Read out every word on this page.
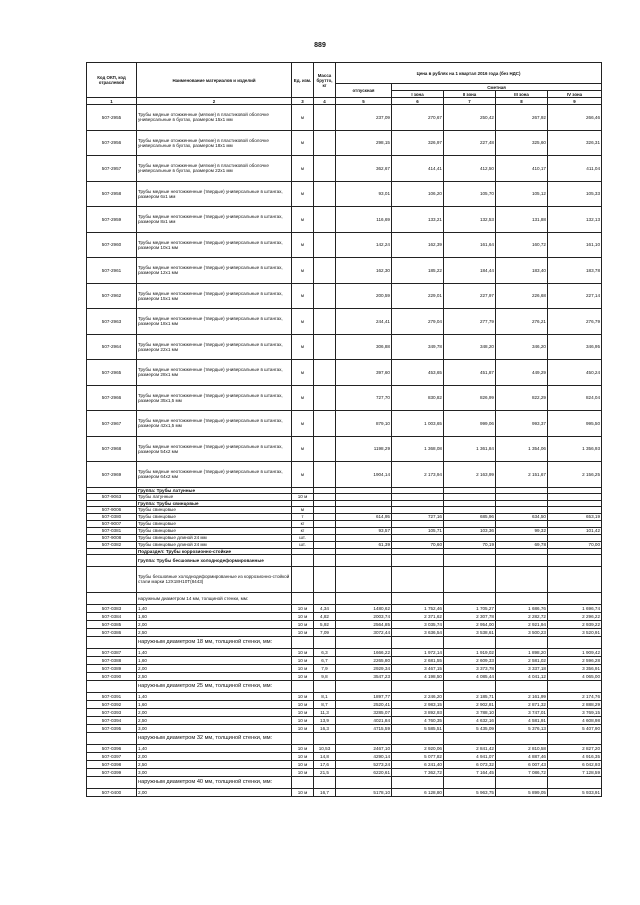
889
Код ОКП, код отраслевой	Наименование материалов и изделий	Ед. изм.	Масса брутто, кг	Цена в рублях на 1 квартал 2016 года (без НДС)				
				отпускная	Сметная			
					I зона	II зона	III зона	IV зона
1	2	3	4	5	6	7	8	9
507-2955	Трубы медные отожженные (мягкие) в пластиковой оболочке универсальные в бухтах, размером 15х1 мм	м		237,09	270,67	250,42	267,92	266,46
507-2956	Трубы медные отожженные (мягкие) в пластиковой оболочке универсальные в бухтах, размером 18х1 мм	м		298,15	326,97	227,48	325,60	326,31
507-2957	Трубы медные отожженные (мягкие) в пластиковой оболочке универсальные в бухтах, размером 22х1 мм	м		362,67	414,41	412,50	410,17	411,04
507-2958	Трубы медные неотожженные (твердые) универсальные в штангах, размером 6х1 мм	м		93,01	106,20	105,70	105,12	105,33
507-2959	Трубы медные неотожженные (твердые) универсальные в штангах, размером 8х1 мм	м		116,69	133,21	132,53	131,88	132,13
507-2960	Трубы медные неотожженные (твердые) универсальные в штангах, размером 10х1 мм	м		142,24	162,39	161,64	160,72	161,10
507-2961	Трубы медные неотожженные (твердые) универсальные в штангах, размером 12х1 мм	м		162,30	185,22	184,44	183,40	183,78
507-2962	Трубы медные неотожженные (твердые) универсальные в штангах, размером 15х1 мм	м		200,59	229,01	227,97	226,68	227,14
507-2963	Трубы медные неотожженные (твердые) универсальные в штангах, размером 18х1 мм	м		244,41	279,04	277,79	276,21	276,79
507-2964	Трубы медные неотожженные (твердые) универсальные в штангах, размером 22х1 мм	м		306,88	349,78	348,20	346,20	346,95
507-2965	Трубы медные неотожженные (твердые) универсальные в штангах, размером 28х1 мм	м		397,60	453,65	451,87	449,29	450,24
507-2966	Трубы медные неотожженные (твердые) универсальные в штангах, размером 35х1,5 мм	м		727,70	830,82	826,99	822,29	824,04
507-2967	Трубы медные неотожженные (твердые) универсальные в штангах, размером 42х1,5 мм	м		879,10	1 003,65	999,06	993,37	995,50
507-2968	Трубы медные неотожженные (твердые) универсальные в штангах, размером 54х2 мм	м		1198,29	1 368,08	1 361,84	1 354,06	1 356,93
507-2969	Трубы медные неотожженные (твердые) универсальные в штангах, размером 64х2 мм	м		1904,14	2 173,94	2 163,99	2 151,67	2 156,25
	Группа: Трубы латунные							
507-9063	Трубы латунные	10 м						
	Группа: Трубы свинцовые							
507-9006	Трубы свинцовые	м						
507-0380	Трубы свинцовые	т		614,95	727,16	685,96	634,50	653,19
507-9007	Трубы свинцовые	кг						
507-0381	Трубы свинцовые	кг		93,57	105,71	103,36	99,32	101,42
507-9008	Трубы свинцовые длиной 24 мм	шт.						
507-0382	Трубы свинцовые длиной 24 мм	шт.		61,39	70,60	70,19	69,78	70,00
	Подраздел: Трубы коррозионно-стойкие							
	Группа: Трубы бесшовные холоднодеформированные							
	Трубы бесшовные холоднодеформированные из коррозионно-стойкой стали марки 12Х18Н10Т(8443)							
	наружным диаметром 14 мм, толщиной стенки, мм:							
507-0383	1,40	10 м	4,34	1480,62	1 752,46	1 705,27	1 686,76	1 696,74
507-0384	1,60	10 м	4,82	2003,74	2 371,62	2 307,78	2 282,72	2 296,22
507-0385	2,00	10 м	5,92	2564,85	3 035,74	2 954,00	2 921,94	2 939,22
507-0386	2,50	10 м	7,09	3072,44	3 636,54	3 538,61	3 500,23	3 520,91
	наружным диаметром 18 мм, толщиной стенки, мм:							
507-0387	1,40	10 м	6,3	1666,22	1 972,14	1 919,02	1 898,20	1 909,42
507-0388	1,60	10 м	6,7	2265,80	2 681,55	2 609,33	2 581,02	2 596,28
507-0389	2,00	10 м	7,9	2929,34	3 467,15	3 373,78	3 337,18	3 356,91
507-0390	2,50	10 м	9,8	3547,23	4 198,50	4 085,44	4 041,12	4 065,00
	наружным диаметром 25 мм, толщиной стенки, мм:							
507-0391	1,40	10 м	8,1	1897,77	2 246,20	2 185,71	2 161,99	2 174,76
507-0392	1,60	10 м	8,7	2520,41	2 983,15	2 902,81	2 871,32	2 888,29
507-0393	2,00	10 м	11,3	3285,07	3 892,93	3 788,10	3 747,01	3 769,15
507-0394	2,50	10 м	13,9	4021,84	4 760,35	4 632,16	4 581,91	4 608,98
507-0395	3,00	10 м	16,3	4715,59	5 585,51	5 435,09	5 376,13	5 407,90
	наружным диаметром 32 мм, толщиной стенки, мм:							
507-0396	1,40	10 м	10,53	2467,10	2 920,06	2 841,42	2 810,58	2 827,20
507-0397	2,00	10 м	14,8	4290,14	5 077,82	4 941,07	4 887,46	4 916,35
507-0398	2,50	10 м	17,6	5273,24	6 241,40	6 073,32	6 007,43	6 042,93
507-0399	3,00	10 м	21,5	6220,61	7 362,72	7 164,45	7 086,72	7 128,59
	наружным диаметром 40 мм, толщиной стенки, мм:							
507-0400	2,00	10 м	16,7	5178,10	6 128,80	5 963,75	5 899,05	5 933,91
